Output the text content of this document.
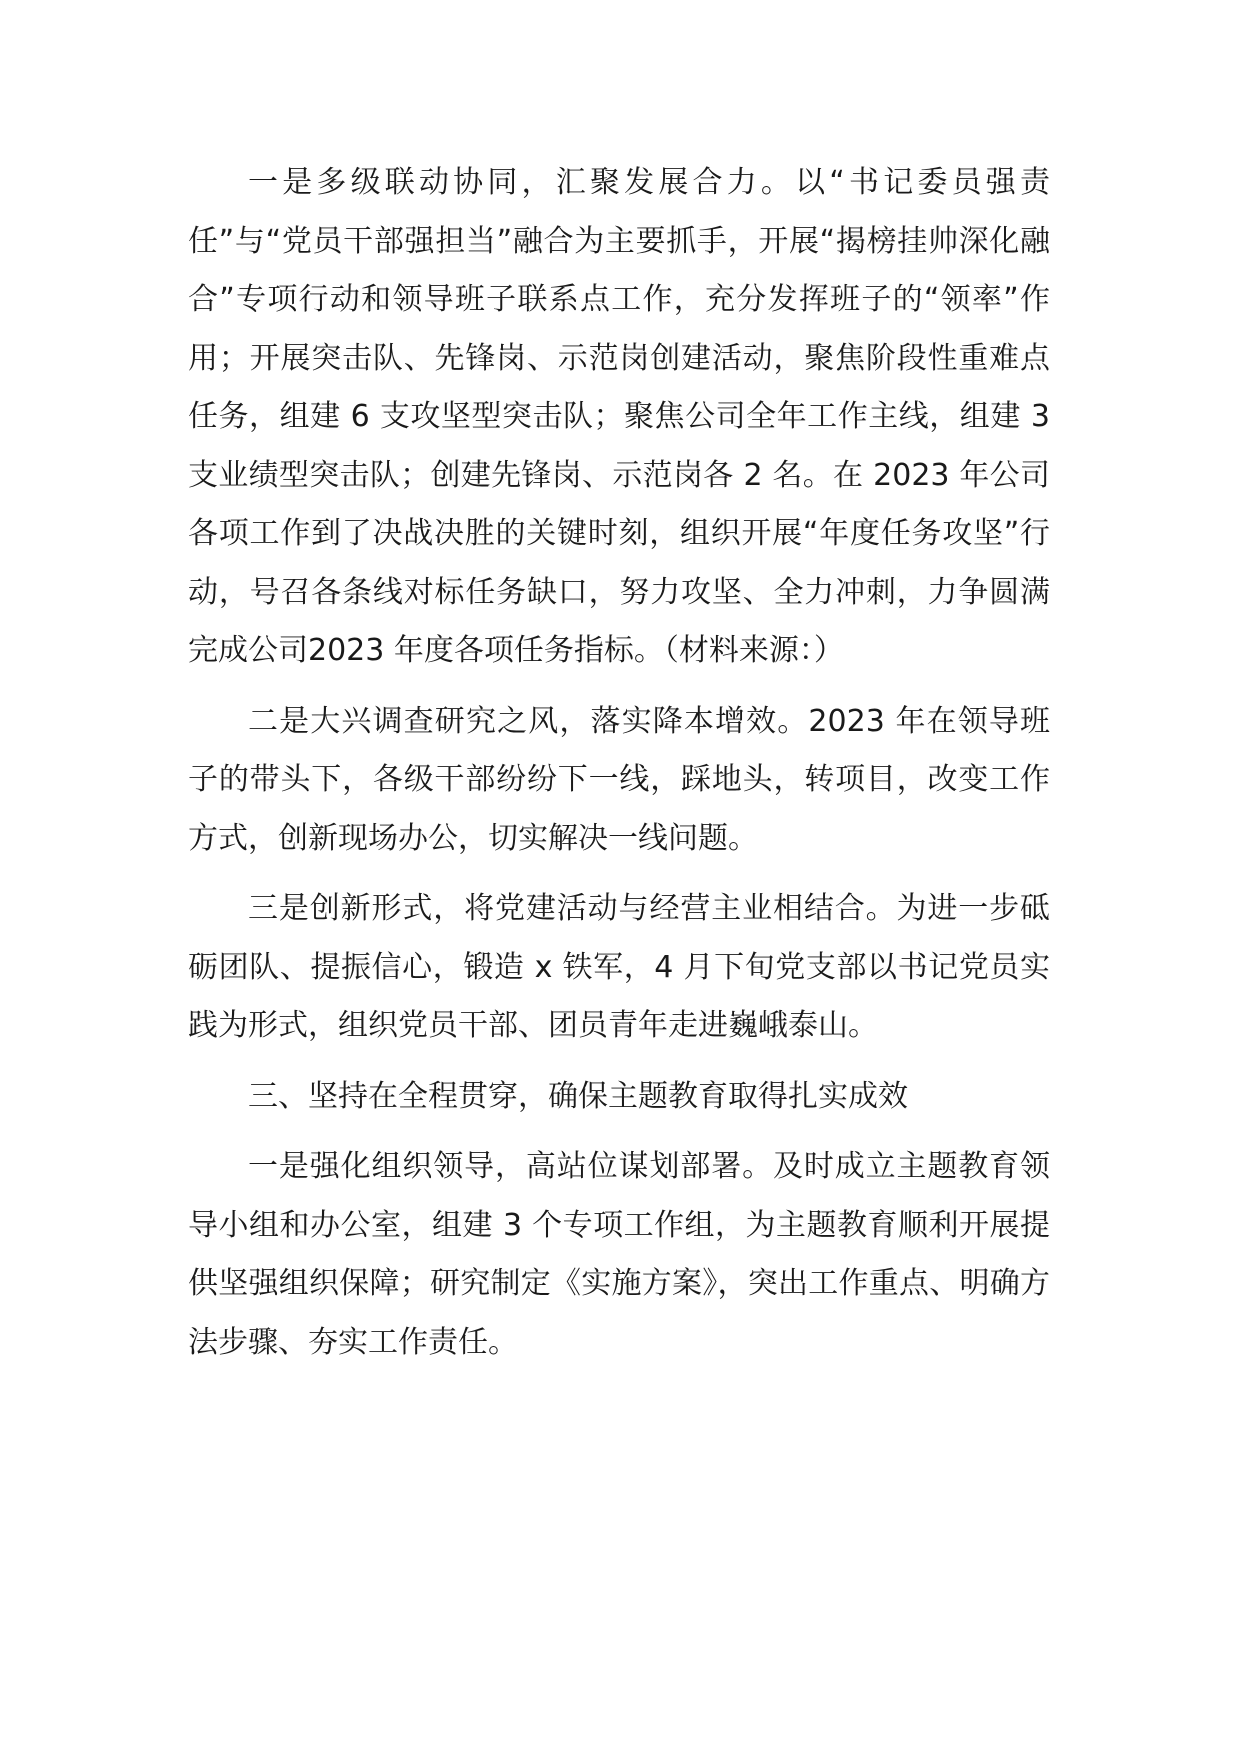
一是多级联动协同，汇聚发展合力。以“书记委员强责任”与“党员干部强担当”融合为主要抓手，开展“揭榜挂帅深化融合”专项行动和领导班子联系点工作，充分发挥班子的“领率”作用；开展突击队、先锋岗、示范岗创建活动，聚焦阶段性重难点任务，组建 6 支攻坚型突击队；聚焦公司全年工作主线，组建 3 支业绩型突击队；创建先锋岗、示范岗各 2 名。在 2023 年公司各项工作到了决战决胜的关键时刻，组织开展“年度任务攻坚”行动，号召各条线对标任务缺口，努力攻坚、全力冲刺，力争圆满完成公司2023 年度各项任务指标。（材料来源：）

二是大兴调查研究之风，落实降本增效。2023 年在领导班子的带头下，各级干部纷纷下一线，踩地头，转项目，改变工作方式，创新现场办公，切实解决一线问题。

三是创新形式，将党建活动与经营主业相结合。为进一步砥砺团队、提振信心，锻造 x 铁军，4 月下旬党支部以书记党员实践为形式，组织党员干部、团员青年走进巍峨泰山。

三、坚持在全程贯穿，确保主题教育取得扎实成效

一是强化组织领导，高站位谋划部署。及时成立主题教育领导小组和办公室，组建 3 个专项工作组，为主题教育顺利开展提供坚强组织保障；研究制定《实施方案》，突出工作重点、明确方法步骤、夯实工作责任。
